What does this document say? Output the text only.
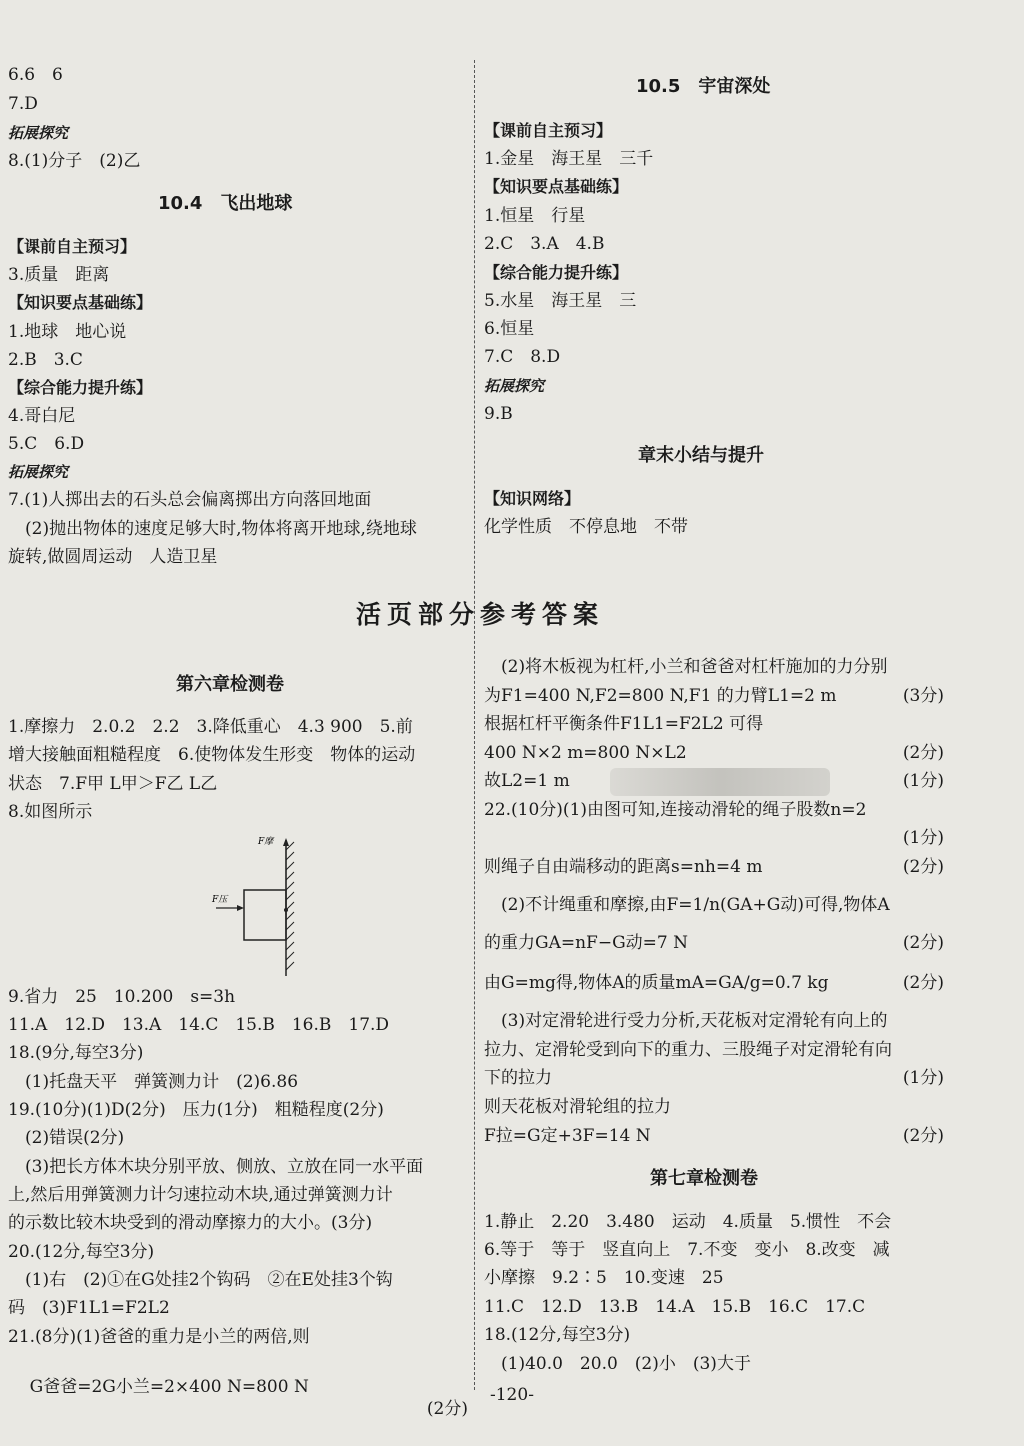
6.6　6
7.D
拓展探究
8.(1)分子　(2)乙
10.4　飞出地球
【课前自主预习】
3.质量　距离
【知识要点基础练】
1.地球　地心说
2.B　3.C
【综合能力提升练】
4.哥白尼
5.C　6.D
拓展探究
7.(1)人掷出去的石头总会偏离掷出方向落回地面
　(2)抛出物体的速度足够大时,物体将离开地球,绕地球
旋转,做圆周运动　人造卫星
10.5　宇宙深处
【课前自主预习】
1.金星　海王星　三千
【知识要点基础练】
1.恒星　行星
2.C　3.A　4.B
【综合能力提升练】
5.水星　海王星　三
6.恒星
7.C　8.D
拓展探究
9.B
章末小结与提升
【知识网络】
化学性质　不停息地　不带
活页部分参考答案
第六章检测卷
1.摩擦力　2.0.2　2.2　3.降低重心　4.3 900　5.前
增大接触面粗糙程度　6.使物体发生形变　物体的运动
状态　7.F甲 L甲＞F乙 L乙
8.如图所示
F摩
F压
9.省力　25　10.200　s=3h
11.A　12.D　13.A　14.C　15.B　16.B　17.D
18.(9分,每空3分)
　(1)托盘天平　弹簧测力计　(2)6.86
19.(10分)(1)D(2分)　压力(1分)　粗糙程度(2分)
　(2)错误(2分)
　(3)把长方体木块分别平放、侧放、立放在同一水平面
上,然后用弹簧测力计匀速拉动木块,通过弹簧测力计
的示数比较木块受到的滑动摩擦力的大小。(3分)
20.(12分,每空3分)
　(1)右　(2)①在G处挂2个钩码　②在E处挂3个钩
码　(3)F1L1=F2L2
21.(8分)(1)爸爸的重力是小兰的两倍,则

G爸爸=2G小兰=2×400 N=800 N

(2分)

　(2)将木板视为杠杆,小兰和爸爸对杠杆施加的力分别
为F1=400 N,F2=800 N,F1 的力臂L1=2 m	(3分)
根据杠杆平衡条件F1L1=F2L2 可得
400 N×2 m=800 N×L2	(2分)
故L2=1 m	(1分)
22.(10分)(1)由图可知,连接动滑轮的绳子股数n=2
(1分)
则绳子自由端移动的距离s=nh=4 m	(2分)
　(2)不计绳重和摩擦,由F=1/n(GA+G动)可得,物体A
的重力GA=nF−G动=7 N	(2分)
由G=mg得,物体A的质量mA=GA/g=0.7 kg	(2分)
　(3)对定滑轮进行受力分析,天花板对定滑轮有向上的
拉力、定滑轮受到向下的重力、三股绳子对定滑轮有向
下的拉力	(1分)
则天花板对滑轮组的拉力
F拉=G定+3F=14 N	(2分)
第七章检测卷
1.静止　2.20　3.480　运动　4.质量　5.惯性　不会
6.等于　等于　竖直向上　7.不变　变小　8.改变　减
小摩擦　9.2∶5　10.变速　25
11.C　12.D　13.B　14.A　15.B　16.C　17.C
18.(12分,每空3分)
　(1)40.0　20.0　(2)小　(3)大于
-120-
